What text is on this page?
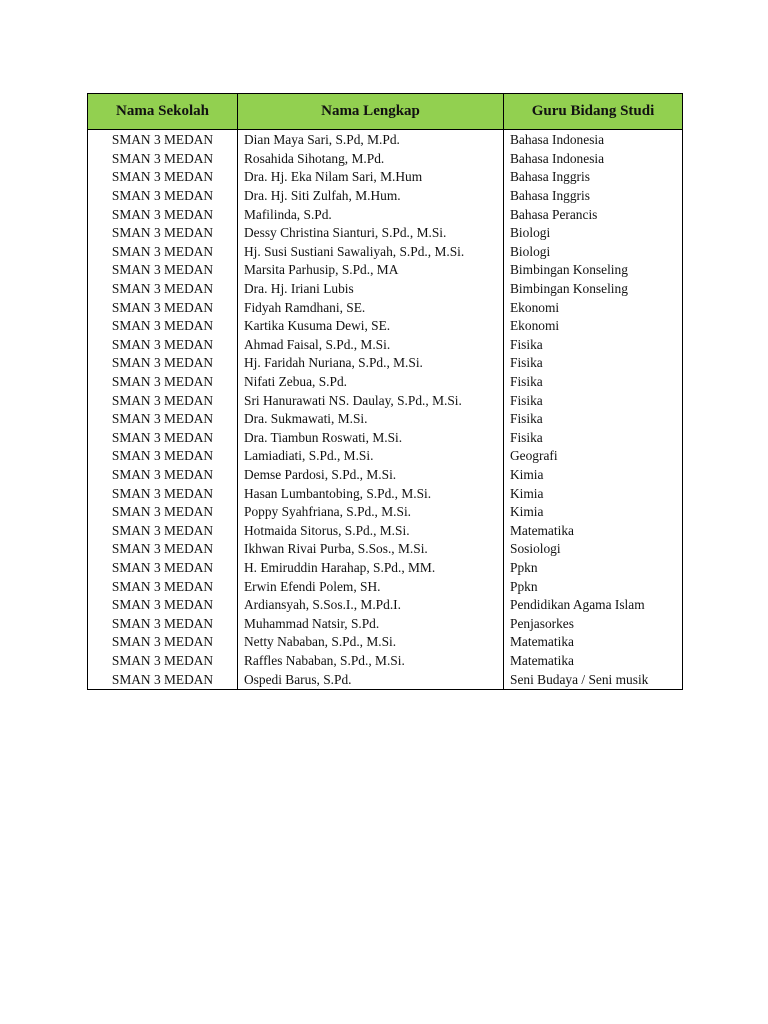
Nama Sekolah	Nama Lengkap	Guru Bidang Studi
SMAN 3 MEDAN	Dian Maya Sari, S.Pd, M.Pd.	Bahasa Indonesia
SMAN 3 MEDAN	Rosahida Sihotang, M.Pd.	Bahasa Indonesia
SMAN 3 MEDAN	Dra. Hj. Eka Nilam Sari, M.Hum	Bahasa Inggris
SMAN 3 MEDAN	Dra. Hj. Siti Zulfah, M.Hum.	Bahasa Inggris
SMAN 3 MEDAN	Mafilinda, S.Pd.	Bahasa Perancis
SMAN 3 MEDAN	Dessy Christina Sianturi, S.Pd., M.Si.	Biologi
SMAN 3 MEDAN	Hj. Susi Sustiani Sawaliyah, S.Pd., M.Si.	Biologi
SMAN 3 MEDAN	Marsita Parhusip, S.Pd., MA	Bimbingan Konseling
SMAN 3 MEDAN	Dra. Hj. Iriani Lubis	Bimbingan Konseling
SMAN 3 MEDAN	Fidyah Ramdhani, SE.	Ekonomi
SMAN 3 MEDAN	Kartika Kusuma Dewi, SE.	Ekonomi
SMAN 3 MEDAN	Ahmad Faisal, S.Pd., M.Si.	Fisika
SMAN 3 MEDAN	Hj. Faridah Nuriana, S.Pd., M.Si.	Fisika
SMAN 3 MEDAN	Nifati Zebua, S.Pd.	Fisika
SMAN 3 MEDAN	Sri Hanurawati NS. Daulay, S.Pd., M.Si.	Fisika
SMAN 3 MEDAN	Dra. Sukmawati, M.Si.	Fisika
SMAN 3 MEDAN	Dra. Tiambun Roswati, M.Si.	Fisika
SMAN 3 MEDAN	Lamiadiati, S.Pd., M.Si.	Geografi
SMAN 3 MEDAN	Demse Pardosi, S.Pd., M.Si.	Kimia
SMAN 3 MEDAN	Hasan Lumbantobing, S.Pd., M.Si.	Kimia
SMAN 3 MEDAN	Poppy Syahfriana, S.Pd., M.Si.	Kimia
SMAN 3 MEDAN	Hotmaida Sitorus, S.Pd., M.Si.	Matematika
SMAN 3 MEDAN	Ikhwan Rivai Purba, S.Sos., M.Si.	Sosiologi
SMAN 3 MEDAN	H. Emiruddin Harahap, S.Pd., MM.	Ppkn
SMAN 3 MEDAN	Erwin Efendi Polem, SH.	Ppkn
SMAN 3 MEDAN	Ardiansyah, S.Sos.I., M.Pd.I.	Pendidikan Agama Islam
SMAN 3 MEDAN	Muhammad Natsir, S.Pd.	Penjasorkes
SMAN 3 MEDAN	Netty Nababan, S.Pd., M.Si.	Matematika
SMAN 3 MEDAN	Raffles Nababan, S.Pd., M.Si.	Matematika
SMAN 3 MEDAN	Ospedi Barus, S.Pd.	Seni Budaya / Seni musik
